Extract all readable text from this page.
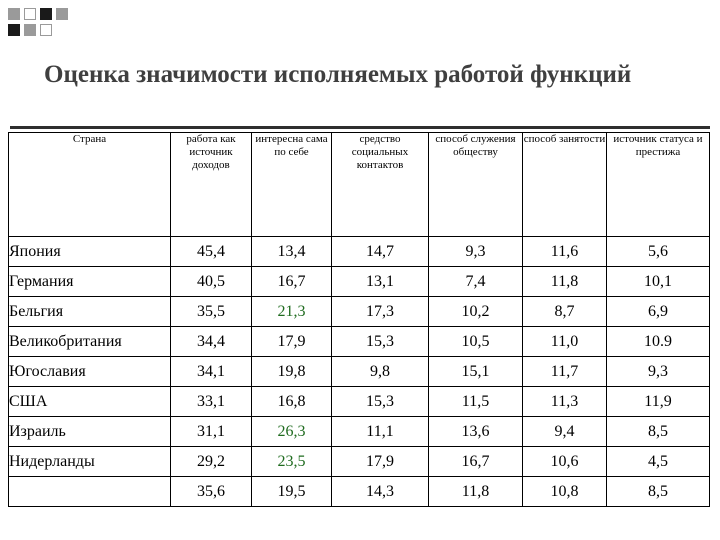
Оценка значимости исполняемых работой функций
Страна	работа как источник доходов	интересна сама по себе	средство социальных контактов	способ служения обществу	способ занятости	источник статуса и престижа
Япония	45,4	13,4	14,7	9,3	11,6	5,6
Германия	40,5	16,7	13,1	7,4	11,8	10,1
Бельгия	35,5	21,3	17,3	10,2	8,7	6,9
Великобритания	34,4	17,9	15,3	10,5	11,0	10.9
Югославия	34,1	19,8	9,8	15,1	11,7	9,3
США	33,1	16,8	15,3	11,5	11,3	11,9
Израиль	31,1	26,3	11,1	13,6	9,4	8,5
Нидерланды	29,2	23,5	17,9	16,7	10,6	4,5
	35,6	19,5	14,3	11,8	10,8	8,5
